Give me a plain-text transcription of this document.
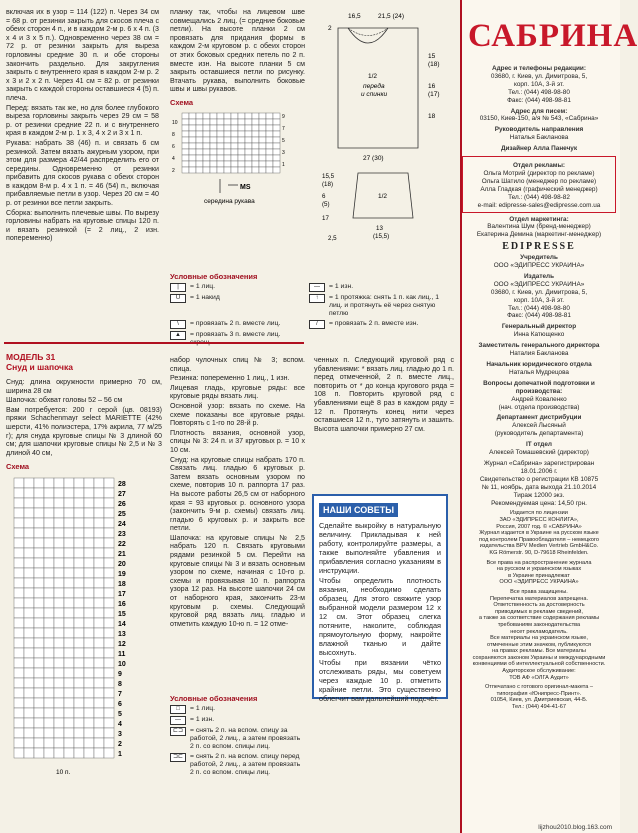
включая их в узор = 114 (122) п. Через 34 см = 68 р. от резинки закрыть для скосов плеча с обеих сторон 4 п., и в каждом 2-м р. 6 х 4 п. (3 х 4 и 3 х 5 п.). Одновременно через 38 см = 72 р. от резинки закрыть для выреза горловины средние 30 п. и обе стороны закончить раздельно. Для закругления закрыть с внутреннего края в каждом 2-м р. 2 х 3 и 2 х 2 п. Через 41 см = 82 р. от резинки закрыть с каждой стороны оставшиеся 4 (5) п. плеча.

Перед: вязать так же, но для более глубокого выреза горловины закрыть через 29 см = 58 р. от резинки средние 22 п. и с внутреннего края в каждом 2-м р. 1 х 3, 4 х 2 и 3 х 1 п.

Рукава: набрать 38 (46) п. и связать 6 см резинкой. Затем вязать ажурным узором, при этом для размера 42/44 распределить его от середины. Одновременно от резинки прибавить для скосов рукава с обеих сторон в каждом 8-м р. 4 х 1 п. = 46 (54) п., включая прибавляемые петли в узор. Через 20 см = 40 р. от резинки все петли закрыть.

Сборка: выполнить плечевые швы. По вырезу горловины набрать на круговые спицы 120 п. и вязать резинкой (= 2 лиц., 2 изн. попеременно)

планку так, чтобы на лицевом шве совмещались 2 лиц. (= средние боковые петли). На высоте планки 2 см провязать для придания формы в каждом 2-м круговом р. с обеих сторон от этих боковых средних петель по 2 п. вместе изн. На высоте планки 5 см закрыть оставшиеся петли по рисунку. Втачать рукава, выполнить боковые швы и швы рукавов.

Схема
10
8
6
4
2
9
7
5
3
1
MS
середина рукава
16,5	21,5 (24)
2
1/2
переда
и спинки
15
(18)
16
(17)
18
27 (30)
1/2
15,5
(18)
6
(5)
17
2,5
13
(15,5)
Условные обозначения
|	= 1 лиц.	—	= 1 изн.
U	= 1 накид	↑	= 1 протяжка: снять 1 п. как лиц., 1 лиц. и протянуть её через снятую петлю
\	= провязать 2 п. вместе лиц.	/	= провязать 2 п. вместе изн.
▲	= провязать 3 п. вместе лиц.
МОДЕЛЬ 31
Снуд и шапочка

Снуд: длина окружности примерно 70 см, ширина 28 см

Шапочка: обхват головы 52 – 56 см

Вам потребуется: 200 г серой (цв. 08193) пряжи Schachenmayr select MARIETTE (42% шерсти, 41% полиэстера, 17% акрила, 77 м/25 г); для снуда круговые спицы № 3 длиной 60 см; для шапочки круговые спицы № 2,5 и № 3 длиной 40 см,

Схема
28
27
26
25
24
23
22
21
20
19
18
17
16
15
14
13
12
11
10
9
8
7
6
5
4
3
2
1
10 п.

набор чулочных спиц № 3; вспом. спица.

Резинка: попеременно 1 лиц., 1 изн.

Лицевая гладь, круговые ряды: все круговые ряды вязать лиц.

Основной узор: вязать по схеме. На схеме показаны все круговые ряды. Повторять с 1-го по 28-й р.

Плотность вязания, основной узор, спицы № 3: 24 п. и 37 круговых р. = 10 х 10 см.

Снуд: на круговые спицы набрать 170 п. Связать лиц. гладью 6 круговых р. Затем вязать основным узором по схеме, повторив 10 п. раппорта 17 раз. На высоте работы 26,5 см от наборного края = 93 круговых р. основного узора (закончить 9-м р. схемы) связать лиц. гладью 6 круговых р. и закрыть все петли.

Шапочка: на круговые спицы № 2,5 набрать 120 п. Связать круговыми рядами резинкой 5 см. Перейти на круговые спицы № 3 и вязать основным узором по схеме, начиная с 10-го р. схемы и провязывая 10 п. раппорта узора 12 раз. На высоте шапочки 24 см от наборного края, закончить 23-м круговым р. схемы. Следующий круговой ряд вязать лиц. гладью и отметить каждую 10-ю п. = 12 отме-

ченных п. Следующий круговой ряд с убавлениями: * вязать лиц. гладью до 1 п. перед отмеченной, 2 п. вместе лиц., повторить от * до конца кругового ряда = 108 п. Повторить круговой ряд с убавлениями ещё 8 раз в каждом ряду = 12 п. Протянуть конец нити через оставшиеся 12 п., туго затянуть и зашить. Высота шапочки примерно 27 см.

НАШИ СОВЕТЫ

Сделайте выкройку в натуральную величину. Прикладывая к ней работу, контролируйте размеры, а также выполняйте убавления и прибавления согласно указаниям в инструкции.

Чтобы определить плотность вязания, необходимо сделать образец. Для этого свяжите узор выбранной модели размером 12 х 12 см. Этот образец слегка потяните, наколите, соблюдая прямоугольную форму, накройте влажной тканью и дайте высохнуть.

Чтобы при вязании чётко отслеживать ряды, мы советуем через каждые 10 р. отметить крайние петли. Это существенно облегчит вам дальнейший подсчёт.

Условные обозначения
□	= 1 лиц.
—	= 1 изн.
⊏⊐	= снять 2 п. на вспом. спицу за работой, 2 лиц., а затем провязать 2 п. со вспом. спицы лиц.
⊐⊏	= снять 2 п. на вспом. спицу перед работой, 2 лиц., а затем провязать 2 п. со вспом. спицы лиц.
САБРИНА
Адрес и телефоны редакции:

03680, г. Киев, ул. Димитрова, 5,

корп. 10А, 3-й эт.

Тел.: (044) 498-98-80

Факс: (044) 498-98-81

Адрес для писем:

03150, Киев-150, а/я № 543, «Сабрина»

Руководитель направления

Наталья Бакланова

Дизайнер Алла Панечук

Отдел рекламы:

Ольга Мотрий (директор по рекламе)

Ольга Шатило (менеджер по рекламе)

Алла Гладкая (графический менеджер)

Тел.: (044) 498-98-82

e-mail: edipresse-sales@edipresse.com.ua

Отдел маркетинга:

Валентина Шум (бренд-менеджер)

Екатерина Демина (маркетинг-менеджер)

EDIPRESSE
Учредитель

ООО «ЭДИПРЕСС УКРАИНА»

Издатель

ООО «ЭДИПРЕСС УКРАИНА»

03680, г. Киев, ул. Димитрова, 5,

корп. 10А, 3-й эт.

Тел.: (044) 498-98-80

Факс: (044) 498-98-81

Генеральный директор

Инна Катющенко

Заместитель генерального директора

Наталия Бакланова

Начальник юридического отдела

Наталья Мудрецова

Вопросы допечатной подготовки и производства:

Андрей Коваленко

(нач. отдела производства)

Департамент дистрибуции

Алексей Лысяный

(руководитель департамента)

IT отдел

Алексей Томашевский (директор)

Журнал «Сабрина» зарегистрирован

18.01.2006 г.

Свидетельство о регистрации КВ 10875

№ 11, ноябрь, дата выхода 21.10.2014

Тираж 12000 экз.

Рекомендуемая цена: 14,50 грн.

Издается по лицензии

ЗАО «ЭДИПРЕСС КОНЛИГА»,

Россия, 2007 год. © «САБРИНА»

Журнал издается в Украине на русском языке

под контролем Правообладателя – немецкого

издательства BPV Medien Vertrieb GmbH&Co.

KG Römerstr. 90, D-79618 Rheinfelden.

Все права на распространение журнала

на русском и украинском языках

в Украине принадлежат

ООО «ЭДИПРЕСС УКРАИНА»

Все права защищены.

Перепечатка материалов запрещена.

Ответственность за достоверность

приводимых в рекламе сведений,

а также за соответствие содержания рекламы

требованиям законодательства

несет рекламодатель.

Все материалы на украинском языке,

отмеченные этим значком, публикуются

на правах рекламы. Все материалы

сохраняются законом Украины и международными

конвенциями об интеллектуальной собственности.

Аудиторское обслуживание:

ТОВ АФ «ОЛГА Аудит»

Отпечатано с готового оригинал-макета –

типография «Юнипресс-Принт».

01054, Киев, ул. Дмитриевская, 44-Б.

Тел.: (044) 494-41-67

lijzhou2010.blog.163.com
